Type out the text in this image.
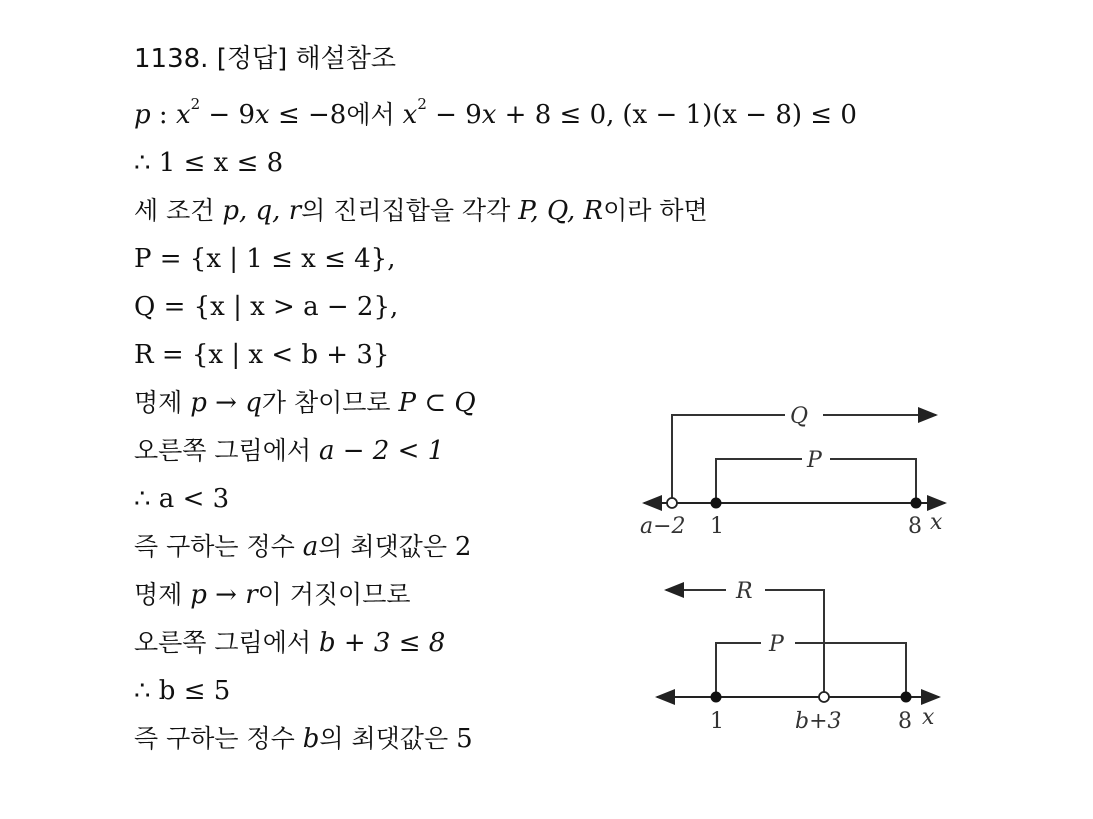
1138. [정답] 해설참조
p : $x^2 - 9x \le -8$에서 $x^2 - 9x + 8 \le 0$, (x − 1)(x − 8) ≤ 0
∴ 1 ≤ x ≤ 8
세 조건 p, q, r의 진리집합을 각각 P, Q, R이라 하면
P = {x | 1 ≤ x ≤ 4},
Q = {x | x > a − 2},
R = {x | x < b + 3}
명제 p → q가 참이므로 P ⊂ Q
오른쪽 그림에서 a − 2 < 1
∴ a < 3
즉 구하는 정수 a의 최댓값은 2
명제 p → r이 거짓이므로
오른쪽 그림에서 b + 3 ≤ 8
∴ b ≤ 5
즉 구하는 정수 b의 최댓값은 5
Q
P
a−2 1	8 x
R
P
1	b+3	8 x
